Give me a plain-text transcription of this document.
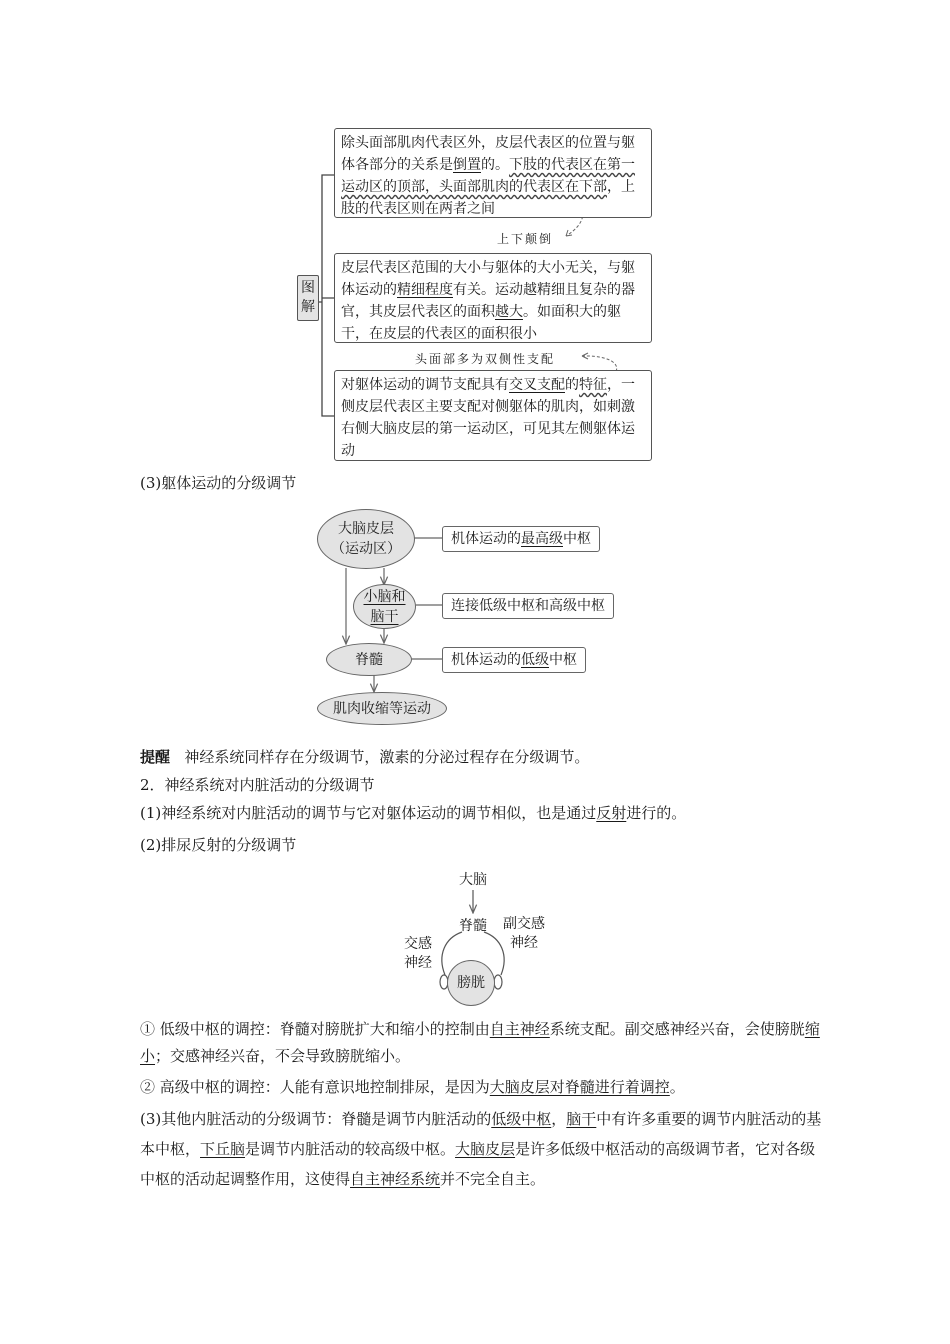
图解

除头面部肌肉代表区外，皮层代表区的位置与躯体各部分的关系是倒置的。下肢的代表区在第一运动区的顶部，头面部肌肉的代表区在下部，上肢的代表区则在两者之间

上下颠倒

皮层代表区范围的大小与躯体的大小无关，与躯体运动的精细程度有关。运动越精细且复杂的器官，其皮层代表区的面积越大。如面积大的躯干，在皮层的代表区的面积很小

头面部多为双侧性支配

对躯体运动的调节支配具有交叉支配的特征，一侧皮层代表区主要支配对侧躯体的肌肉，如刺激右侧大脑皮层的第一运动区，可见其左侧躯体运动

(3)躯体运动的分级调节

大脑皮层
（运动区）
小脑和
脑干
脊髓
肌肉收缩等运动
机体运动的最高级中枢
连接低级中枢和高级中枢
机体运动的低级中枢

提醒 神经系统同样存在分级调节，激素的分泌过程存在分级调节。

2．神经系统对内脏活动的分级调节

(1)神经系统对内脏活动的调节与它对躯体运动的调节相似，也是通过反射进行的。

(2)排尿反射的分级调节

大脑
脊髓	副交感
神经
交感
神经
膀胱

① 低级中枢的调控：脊髓对膀胱扩大和缩小的控制由自主神经系统支配。副交感神经兴奋，会使膀胱缩小；交感神经兴奋，不会导致膀胱缩小。

② 高级中枢的调控：人能有意识地控制排尿，是因为大脑皮层对脊髓进行着调控。

(3)其他内脏活动的分级调节：脊髓是调节内脏活动的低级中枢，脑干中有许多重要的调节内脏活动的基本中枢，下丘脑是调节内脏活动的较高级中枢。大脑皮层是许多低级中枢活动的高级调节者，它对各级中枢的活动起调整作用，这使得自主神经系统并不完全自主。
